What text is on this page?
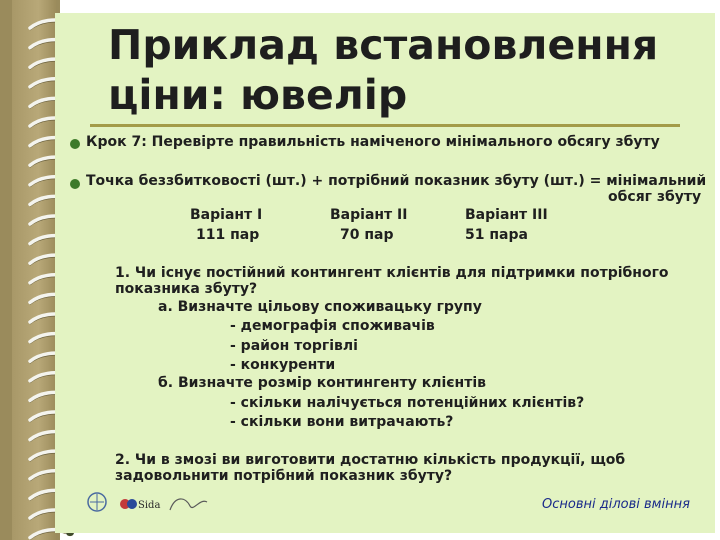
Приклад встановлення
ціни: ювелір
Крок 7: Перевірте правильність наміченого мінімального обсягу збуту
Точка беззбитковості (шт.) + потрібний показник збуту (шт.) = мінімальний
обсяг збуту
Варіант І
111 пар
Варіант ІІ
70 пар
Варіант ІІІ
51 пара
1. Чи існує постійний контингент клієнтів для підтримки потрібного
показника збуту?
а. Визначте цільову споживацьку групу
- демографія споживачів
- район торгівлі
- конкуренти
б. Визначте розмір контингенту клієнтів
- скільки налічується потенційних клієнтів?
- скільки вони витрачають?
2. Чи в змозі ви виготовити достатню кількість продукції, щоб
задовольнити потрібний показник збуту?
Sida	Основні ділові вміння
